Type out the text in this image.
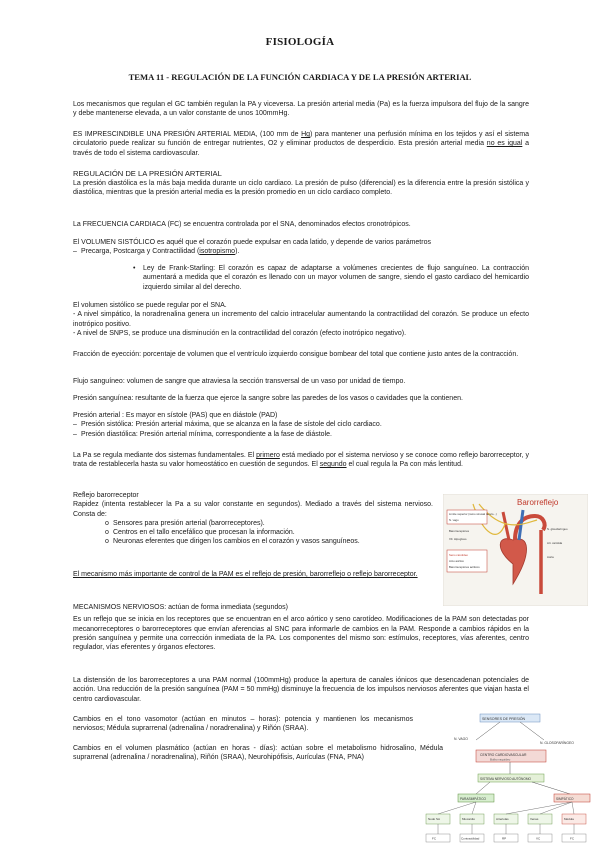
FISIOLOGÍA
TEMA 11 - REGULACIÓN DE LA FUNCIÓN CARDIACA Y DE LA PRESIÓN ARTERIAL

Los mecanismos que regulan el GC también regulan la PA y viceversa. La presión arterial media (Pa) es la fuerza impulsora del flujo de la sangre y debe mantenerse elevada, a un valor constante de unos 100mmHg.

ES IMPRESCINDIBLE UNA PRESIÓN ARTERIAL MEDIA, (100 mm de Hg) para mantener una perfusión mínima en los tejidos y así el sistema circulatorio puede realizar su función de entregar nutrientes, O2 y eliminar productos de desperdicio. Esta presión arterial media no es igual a través de todo el sistema cardiovascular.

REGULACIÓN DE LA PRESIÓN ARTERIAL

La presión diastólica es la más baja medida durante un ciclo cardiaco. La presión de pulso (diferencial) es la diferencia entre la presión sistólica y diastólica, mientras que la presión arterial media es la presión promedio en un ciclo cardiaco completo.

La FRECUENCIA CARDIACA (FC) se encuentra controlada por el SNA, denominados efectos cronotrópicos.

El VOLUMEN SISTÓLICO es aquél que el corazón puede expulsar en cada latido, y depende de varios parámetros

– Precarga, Postcarga y Contractilidad (isotropismo).

• Ley de Frank-Starling: El corazón es capaz de adaptarse a volúmenes crecientes de flujo sanguíneo. La contracción aumentará a medida que el corazón es llenado con un mayor volumen de sangre, siendo el gasto cardiaco del hemicardio izquierdo similar al del derecho.

El volumen sistólico se puede regular por el SNA.

- A nivel simpático, la noradrenalina genera un incremento del calcio intracelular aumentando la contractilidad del corazón. Se produce un efecto inotrópico positivo.

- A nivel de SNPS, se produce una disminución en la contractilidad del corazón (efecto inotrópico negativo).

Fracción de eyección: porcentaje de volumen que el ventrículo izquierdo consigue bombear del total que contiene justo antes de la contracción.

Flujo sanguíneo: volumen de sangre que atraviesa la sección transversal de un vaso por unidad de tiempo.

Presión sanguínea: resultante de la fuerza que ejerce la sangre sobre las paredes de los vasos o cavidades que la contienen.

Presión arterial : Es mayor en sístole (PAS) que en diástole (PAD)

– Presión sistólica: Presión arterial máxima, que se alcanza en la fase de sístole del ciclo cardiaco.
– Presión diastólica: Presión arterial mínima, correspondiente a la fase de diástole.

La Pa se regula mediante dos sistemas fundamentales. El primero está mediado por el sistema nervioso y se conoce como reflejo barorreceptor, y trata de restablecerla hasta su valor homeostático en cuestión de segundos. El segundo el cual regula la Pa con más lentitud.

Reflejo barorreceptor

Rapidez (intenta restablecer la Pa a su valor constante en segundos). Mediado a través del sistema nervioso. Consta de:

o Sensores para presión arterial (barorreceptores).
o Centros en el tallo encefálico que procesan la información.
o Neuronas eferentes que dirigen los cambios en el corazón y vasos sanguíneos.

El mecanismo más importante de control de la PAM es el reflejo de presión, barorreflejo o reflejo barorreceptor.

Barorreflejo
Límite superior (ramo sinusal nervio...)
N. vago
Barorreceptores
XII. Hipogloso
Seno carotídeo
Arco aórtico
Barorreceptores aórticos
N. glosofaríngeo
Art. carótida
Aorta

MECANISMOS NERVIOSOS: actúan de forma inmediata (segundos)

Es un reflejo que se inicia en los receptores que se encuentran en el arco aórtico y seno carotídeo. Modificaciones de la PAM son detectadas por mecanorreceptores o barorreceptores que envían aferencias al SNC para informarle de cambios en la PAM. Responde a cambios rápidos en la presión sanguínea y permite una corrección inmediata de la PA. Los componentes del mismo son: estímulos, receptores, vías aferentes, centro regulador, vías eferentes y órganos efectores.

La distensión de los barorreceptores a una PAM normal (100mmHg) produce la apertura de canales iónicos que desencadenan potenciales de acción. Una reducción de la presión sanguínea (PAM = 50 mmHg) disminuye la frecuencia de los impulsos nerviosos aferentes que viajan hasta el centro cardiovascular.

Cambios en el tono vasomotor (actúan en minutos – horas): potencia y mantienen los mecanismos nerviosos; Médula suprarrenal (adrenalina / noradrenalina) y Riñón (SRAA).

Cambios en el volumen plasmático (actúan en horas - días): actúan sobre el metabolismo hidrosalino, Médula suprarrenal (adrenalina / noradrenalina), Riñón (SRAA), Neurohipófisis, Aurículas (FNA, PNA)

SENSORES DE PRESIÓN
N. VAGO
N. GLOSOFARÍNGEO
CENTRO CARDIOVASCULAR
Bulbo raquídeo
SISTEMA NERVIOSO AUTÓNOMO
PARASIMPÁTICO	SIMPÁTICO
Nodo SA	Miocardio	Arteriolas	Venas	Médula
FC	Contractilidad	RP	VC	FC
